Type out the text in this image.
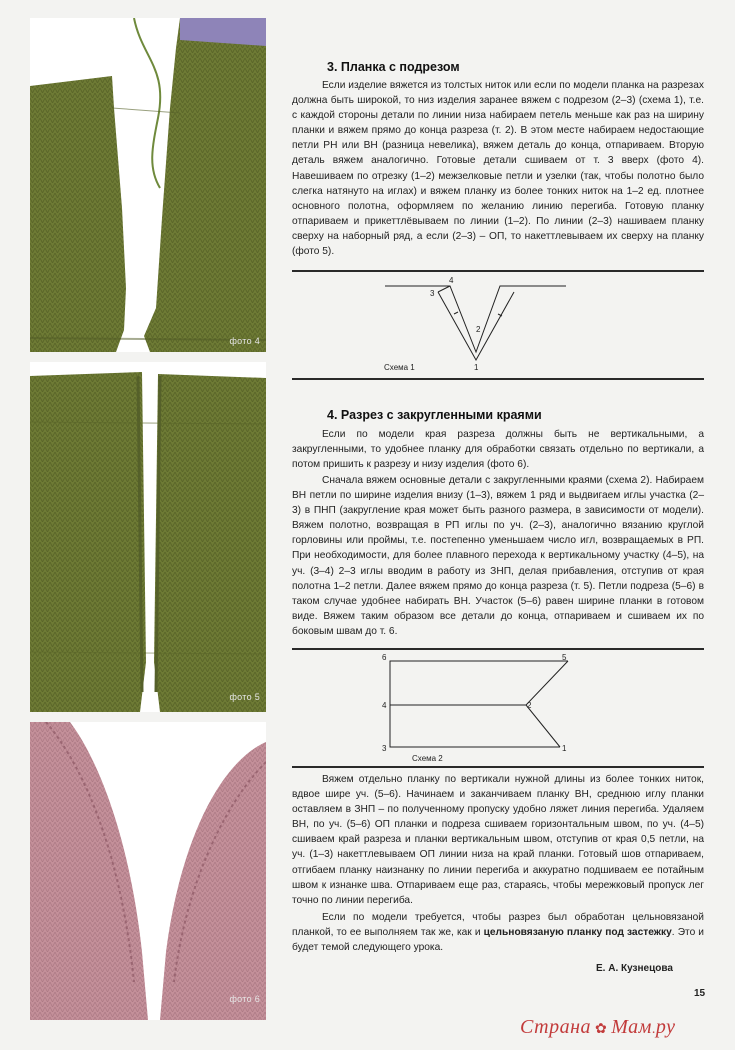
фото 4
фото 5
фото 6
3. Планка с подрезом

Если изделие вяжется из толстых ниток или если по модели планка на разрезах должна быть широкой, то низ изделия заранее вяжем с подрезом (2–3) (схема 1), т.е. с каждой стороны детали по линии низа набираем петель меньше как раз на ширину планки и вяжем прямо до конца разреза (т. 2). В этом месте набираем недостающие петли РН или ВН (разница невелика), вяжем деталь до конца, отпариваем. Вторую деталь вяжем аналогично. Готовые детали сшиваем от т. 3 вверх (фото 4). Навешиваем по отрезку (1–2) межзелковые петли и узелки (так, чтобы полотно было слегка натянуто на иглах) и вяжем планку из более тонких ниток на 1–2 ед. плотнее основного полотна, оформляем по желанию линию перегиба. Готовую планку отпариваем и прикеттлёвываем по линии (1–2). По линии (2–3) нашиваем планку сверху на наборный ряд, а если (2–3) – ОП, то накеттлевываем их сверху на планку (фото 5).

4
3
2
1
Схема 1
4. Разрез с закругленными краями

Если по модели края разреза должны быть не вертикальными, а закругленными, то удобнее планку для обработки связать отдельно по вертикали, а потом пришить к разрезу и низу изделия (фото 6).

Сначала вяжем основные детали с закругленными краями (схема 2). Набираем ВН петли по ширине изделия внизу (1–3), вяжем 1 ряд и выдвигаем иглы участка (2–3) в ПНП (закругление края может быть разного размера, в зависимости от модели). Вяжем полотно, возвращая в РП иглы по уч. (2–3), аналогично вязанию круглой горловины или проймы, т.е. постепенно уменьшаем число игл, возвращаемых в РП. При необходимости, для более плавного перехода к вертикальному участку (4–5), на уч. (3–4) 2–3 иглы вводим в работу из ЗНП, делая прибавления, отступив от края полотна 1–2 петли. Далее вяжем прямо до конца разреза (т. 5). Петли подреза (5–6) в таком случае удобнее набирать ВН. Участок (5–6) равен ширине планки в готовом виде. Вяжем таким образом все детали до конца, отпариваем и сшиваем их по боковым швам до т. 6.

6	5
4	2
3	1
Схема 2

Вяжем отдельно планку по вертикали нужной длины из более тонких ниток, вдвое шире уч. (5–6). Начинаем и заканчиваем планку ВН, среднюю иглу планки оставляем в ЗНП – по полученному пропуску удобно ляжет линия перегиба. Удаляем ВН, по уч. (5–6) ОП планки и подреза сшиваем горизонтальным швом, по уч. (4–5) сшиваем край разреза и планки вертикальным швом, отступив от края 0,5 петли, на уч. (1–3) накеттлевываем ОП линии низа на край планки. Готовый шов отпариваем, отгибаем планку наизнанку по линии перегиба и аккуратно подшиваем ее потайным швом к изнанке шва. Отпариваем еще раз, стараясь, чтобы мережковый пропуск лег точно по линии перегиба.

Если по модели требуется, чтобы разрез был обработан цельновязаной планкой, то ее выполняем так же, как и цельновязаную планку под застежку. Это и будет темой следующего урока.

Е. А. Кузнецова
15
Страна ✿ Мам.ру
